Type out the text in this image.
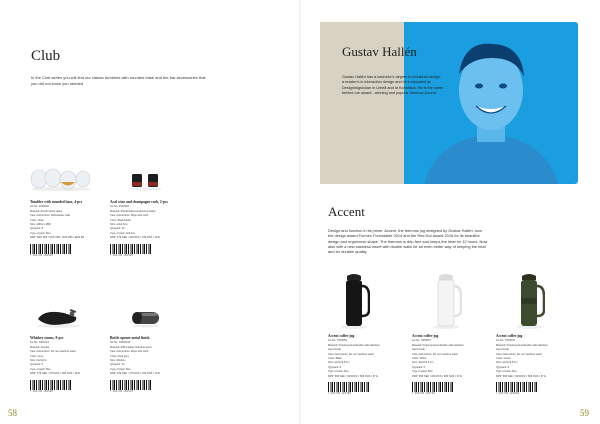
Club
In the Club series you will find our classic tumblers with rounded base and the bar accessories that you did not know you needed
Tumbler with rounded base, 4-pcs
Art.No. 0016340
Material: Mouth blown glass
Care instructions: Dishwasher safe
Color: Clear
Size: ø80mm Ø60
Qty/pack: 8
Type of pack: Box
RRP: SEK 895 / DKK 695 / NOK 895 / EUR 89
7 394730 193509
Acal wine and champagne cork, 2-pcs
Art.No. 0010392
Material: Plastic/silicone/aluminum/alloy
Care instructions: Wipe with cloth
Color: Black/white
Size: ø4x4.5cm
Qty/pack: 12
Type of pack: Gift box
RRP: 275 SEK / 249 DKK / 249 NOK / 29 E
7 394730 183539
Whiskey stones, 9-pcs
Art.No. 7000123
Material: Granite
Care instructions: Do not machine wash
Color: Grey
Size: 2x2x2cm
Qty/pack: 6
Type of pack: Box
RRP: 375 SEK / 379 DKK / 395 NOK / 39 E
7 394730 183560
Bottle opener metal finish
Art.No. 10030233
Material: ABS plastic/ stainless steel
Care instructions: Wipe with cloth
Color: Dark grey
Size: ø6x4cm
Qty/pack: 12
Type of pack: Box
RRP: 199 SEK / 179 DKK / 199 NOK / 19 E
7 394730 193512
58
Gustav Hallén
Gustav Hallén has a bachelor's degree in industrial design, a master's in interaction design and he's educated at Designhögskolan in Umeå and at Konstfack. He is the name behind our award - winning and popular thermos Accent.
Accent
Design and function in its prime. Accent, the thermos jug designed by Gustav Hallén, won the design award Formex Formidable 2014 and the Red Dot Award 2016 for its beautiful design and ergonomic shape. The thermos is drip-free and keeps the heat for 12 hours. Now also with a new stainless insert with double walls for an even better way of keeping the heat and for durable quality.
Accent coffee jug
Art.No. 7000056
Material: Polypropylene/double wall stainless
steel inside
Care instructions: Do not machine wash
Color: Black
Size: ø10x24.5 cm
Qty/pack: 6
Type of pack: Box
RRP: 695 SEK / 649 DKK / 695 NOK / 67 E
7 394730 193786
Accent coffee jug
Art.No. 7000057
Material: Polypropylene/double wall stainless
steel inside
Care instructions: Do not machine wash
Color: White
Size: ø10x24.5 cm
Qty/pack: 6
Type of pack: Box
RRP: 695 SEK / 649 DKK / 695 NOK / 67 E
7 394730 193793
Accent coffee jug
Art.No. 7000070
Material: Polypropylene/double wall stainless
steel inside
Care instructions: Do not machine wash
Color: Green
Size: ø10x24.5 cm
Qty/pack: 6
Type of pack: Box
RRP: 695 SEK / 649 DKK / 695 NOK / 67 E
7 394730 193809
59
